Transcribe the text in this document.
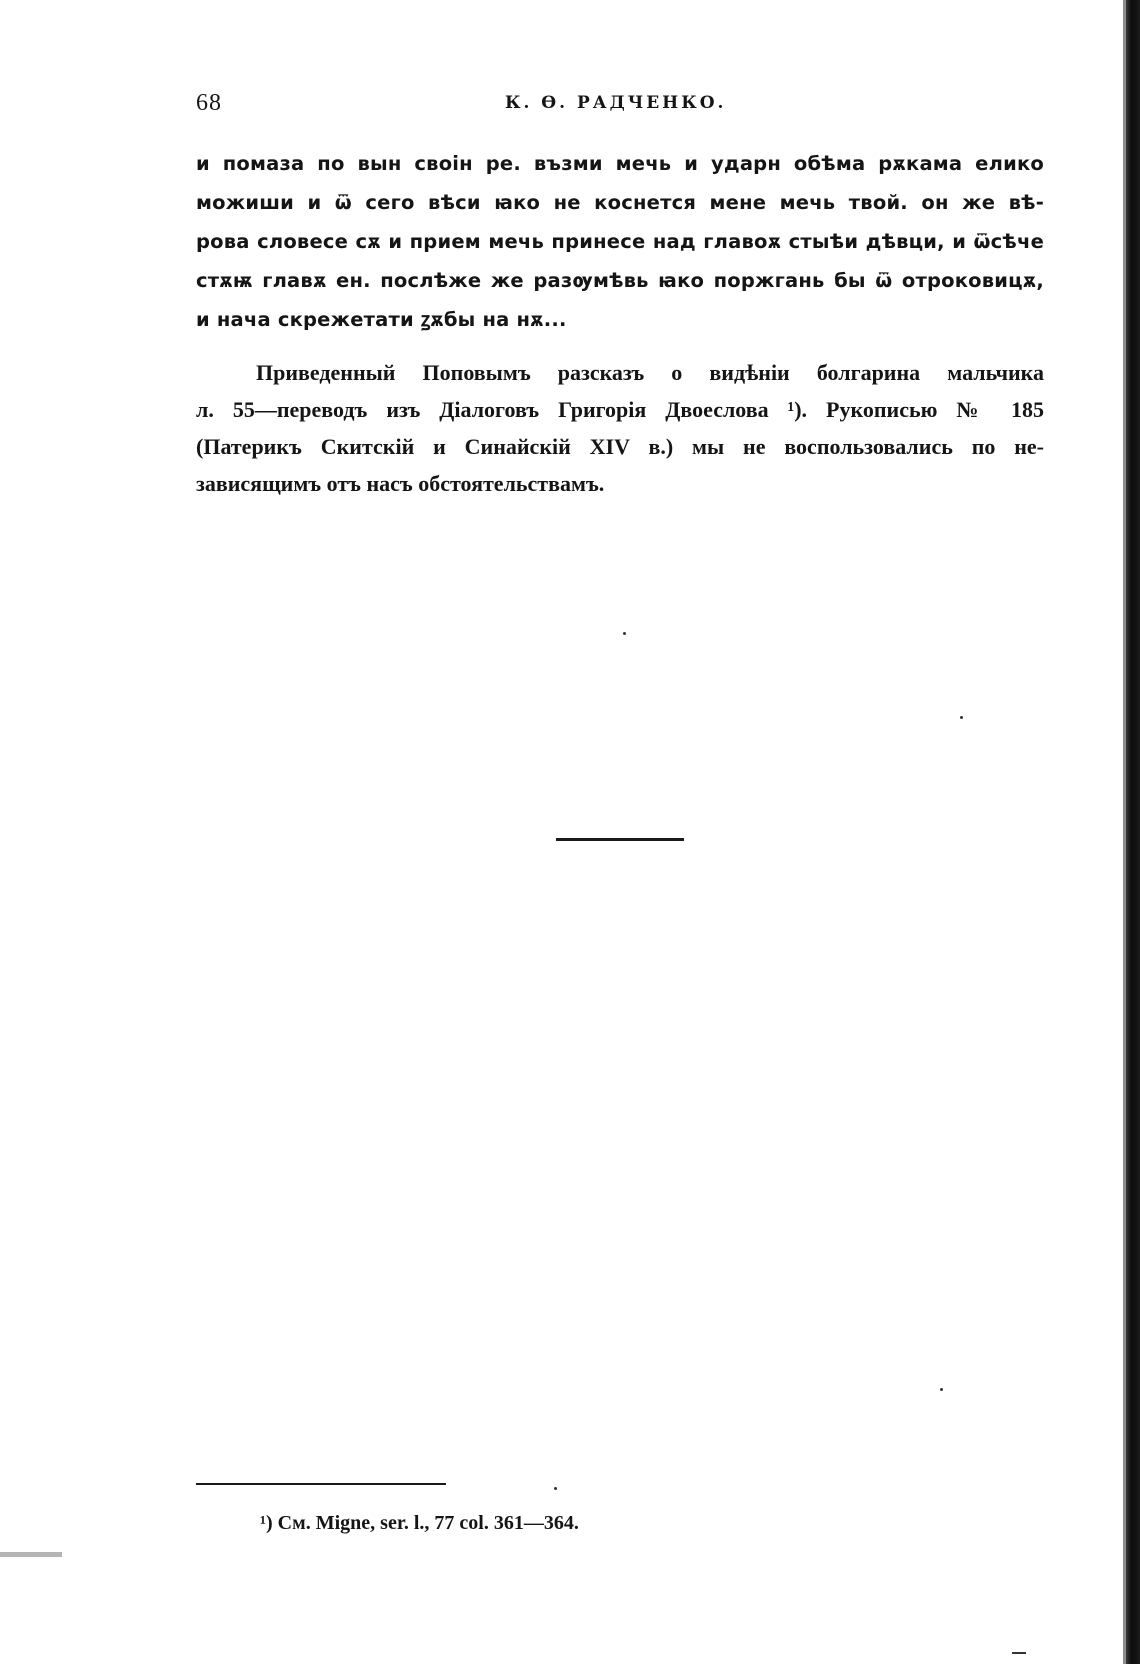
68	К. Ѳ. РАДЧЕНКО.
и помаза по вын своін ре. възми мечь и ударн обѣма рѫкама елико
можиши и ѿ сего вѣси ꙗко не коснется мене мечь твой. он же вѣ-
рова словесе сѫ и прием мечь принесе над главоѫ стыѣи дѣвци, и ѿсѣче
стѫѭ главѫ ен. послѣже же разѹмѣвь ꙗко поржгань бы ѿ отроковицѫ,
и нача скрежетати ꙁѫбы на нѫ...
Приведенный Поповымъ разсказъ о видѣніи болгарина мальчика
л. 55—переводъ изъ Діалоговъ Григорія Двоеслова ¹). Рукописью № 185
(Патерикъ Скитскій и Синайскій XIV в.) мы не воспользовались по не-
зависящимъ отъ насъ обстоятельствамъ.
¹) См. Migne, ser. l., 77 col. 361—364.
